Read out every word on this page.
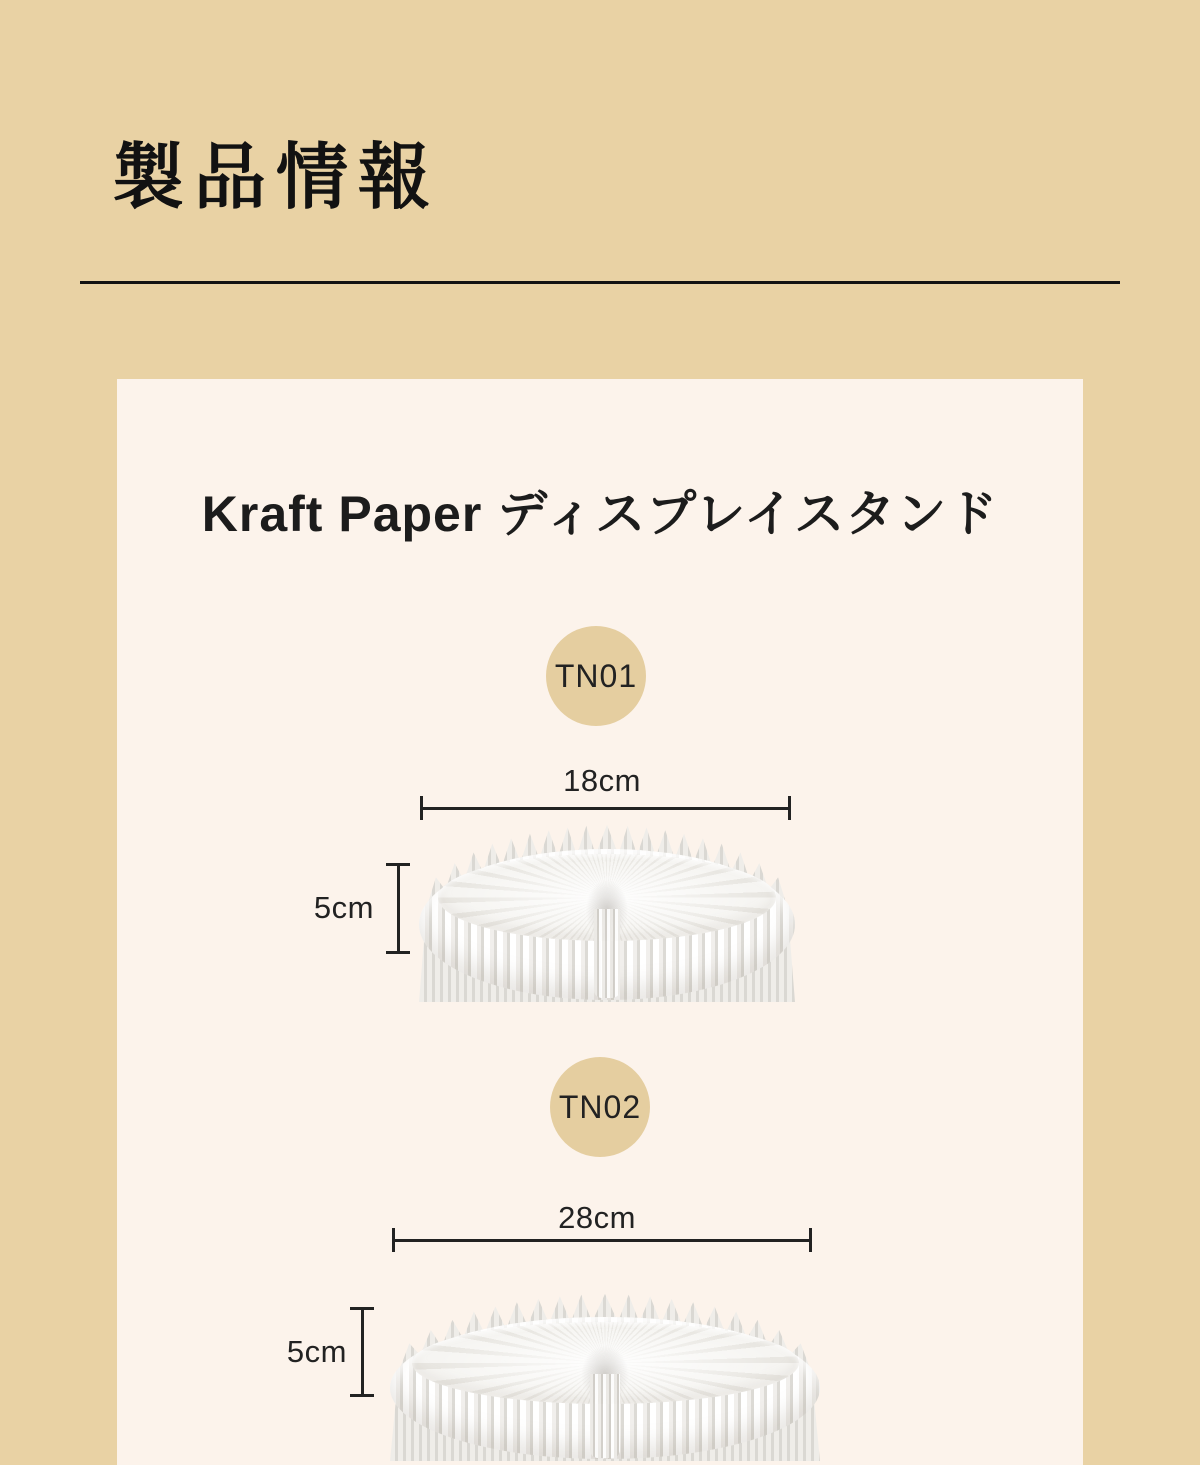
製品情報
Kraft Paper ディスプレイスタンド
TN01
18cm
5cm
TN02
28cm
5cm
